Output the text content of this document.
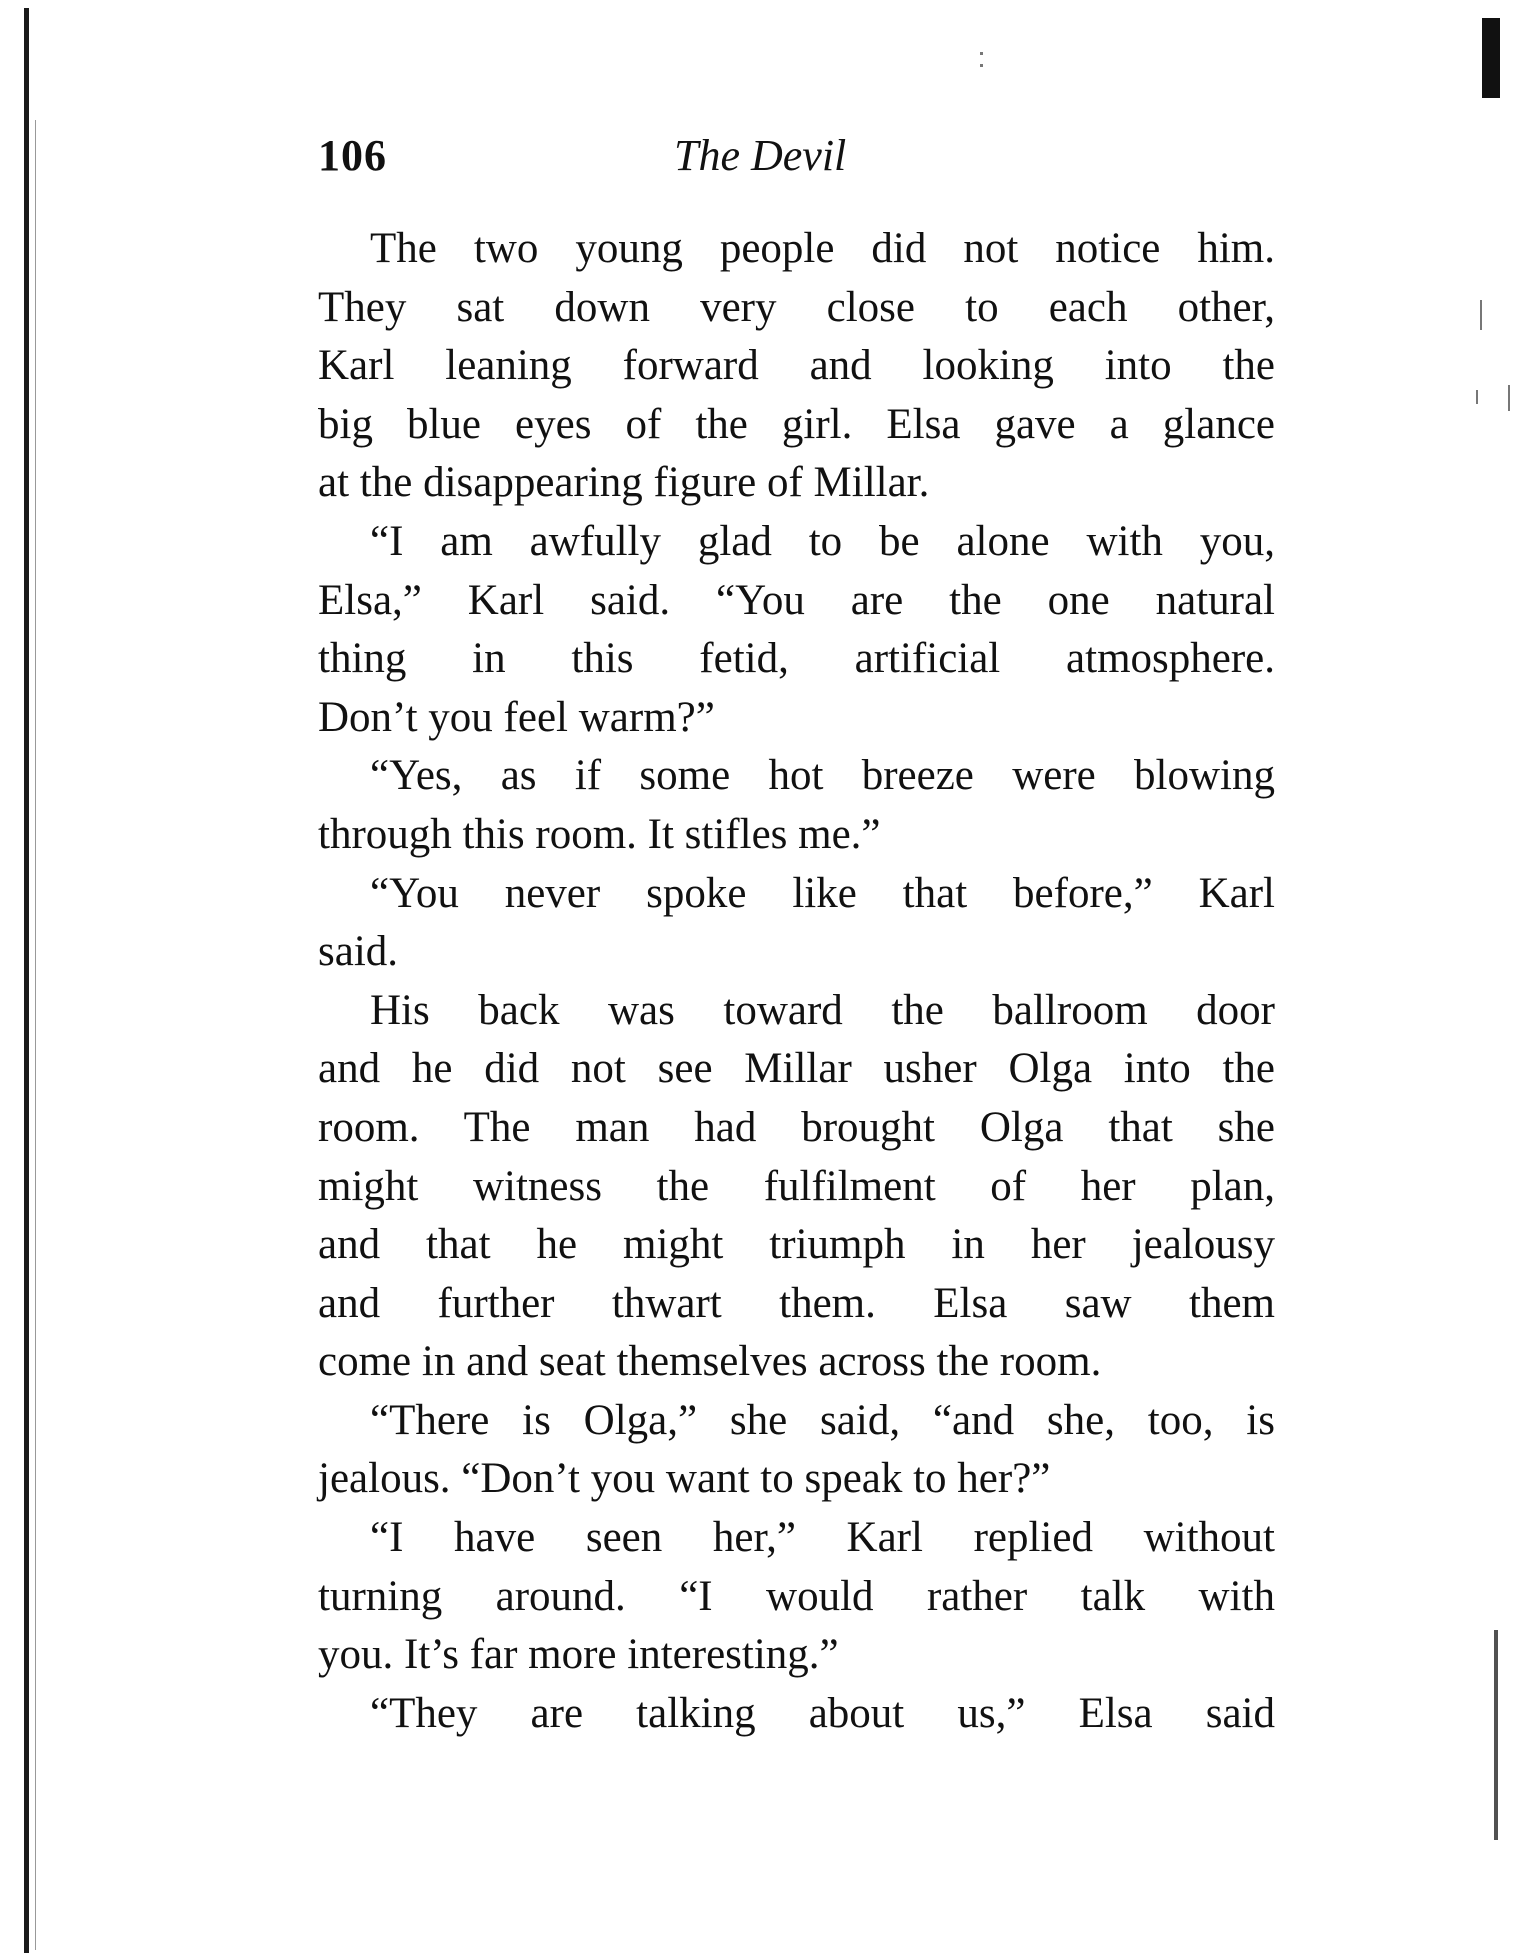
106	The Devil
The two young people did not notice him.
They sat down very close to each other,
Karl leaning forward and looking into the
big blue eyes of the girl. Elsa gave a glance
at the disappearing figure of Millar.
“I am awfully glad to be alone with you,
Elsa,” Karl said. “You are the one natural
thing in this fetid, artificial atmosphere.
Don’t you feel warm?”
“Yes, as if some hot breeze were blowing
through this room. It stifles me.”
“You never spoke like that before,” Karl
said.
His back was toward the ballroom door
and he did not see Millar usher Olga into the
room. The man had brought Olga that she
might witness the fulfilment of her plan,
and that he might triumph in her jealousy
and further thwart them. Elsa saw them
come in and seat themselves across the room.
“There is Olga,” she said, “and she, too, is
jealous. “Don’t you want to speak to her?”
“I have seen her,” Karl replied without
turning around. “I would rather talk with
you. It’s far more interesting.”
“They are talking about us,” Elsa said
